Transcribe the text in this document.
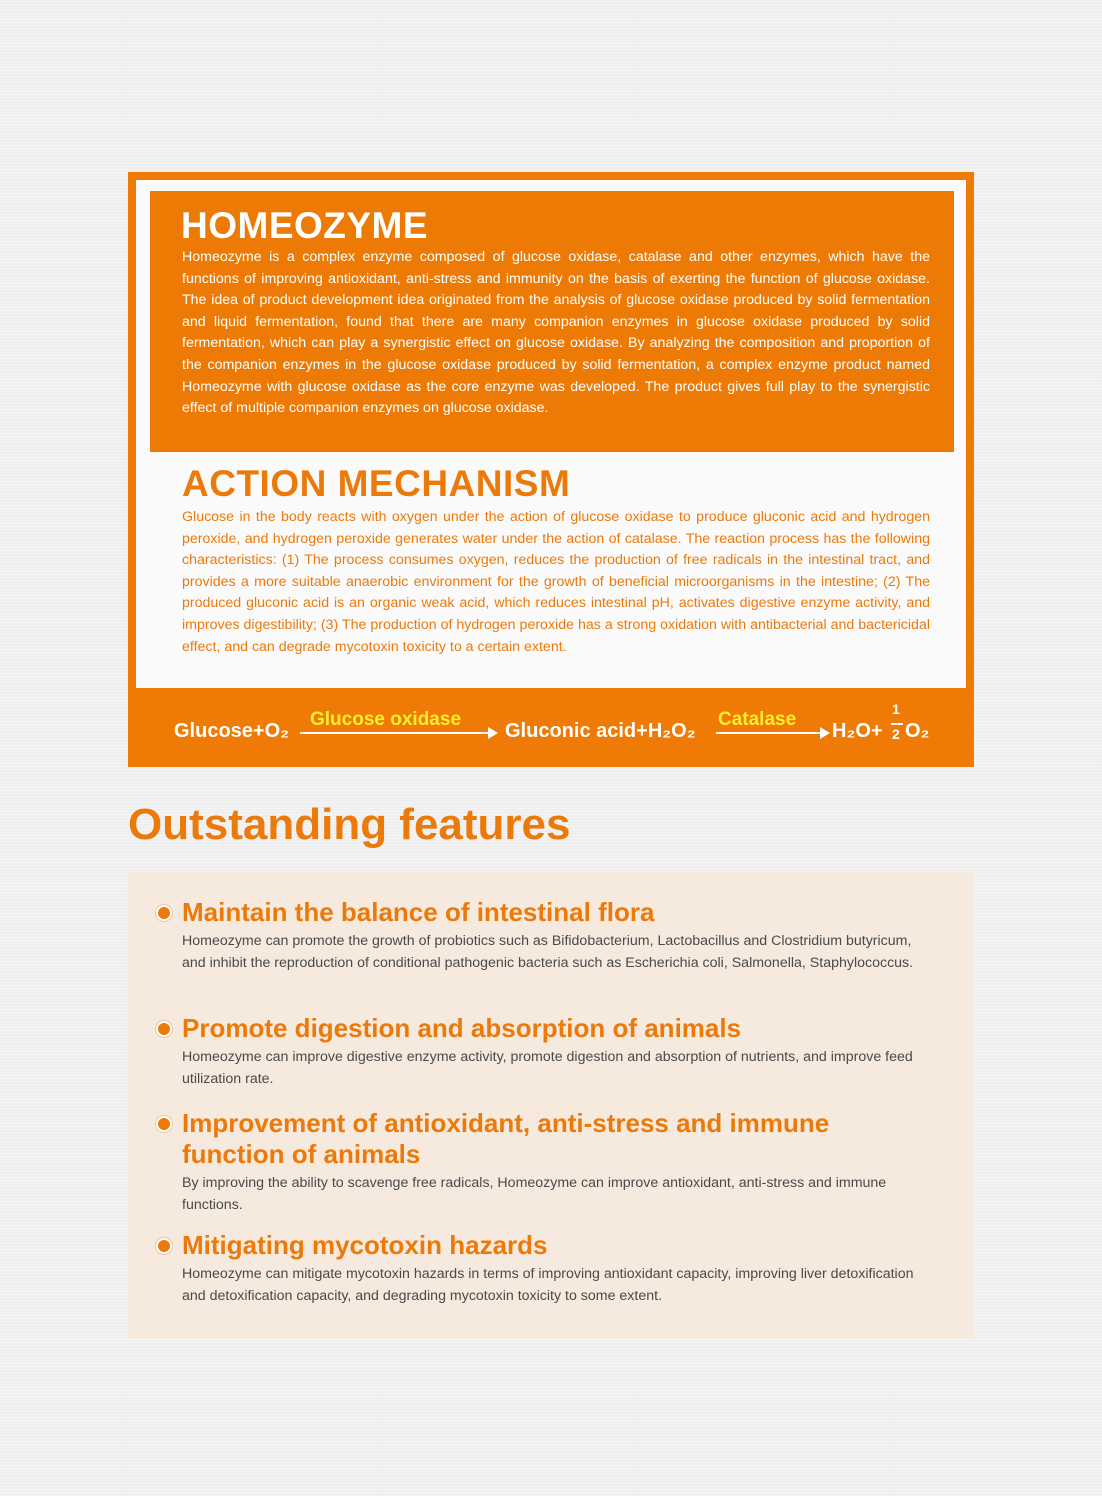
HOMEOZYME

Homeozyme is a complex enzyme composed of glucose oxidase, catalase and other enzymes, which have the functions of improving antioxidant, anti-stress and immunity on the basis of exerting the function of glucose oxidase. The idea of product development idea originated from the analysis of glucose oxidase produced by solid fermentation and liquid fermentation, found that there are many companion enzymes in glucose oxidase produced by solid fermentation, which can play a synergistic effect on glucose oxidase. By analyzing the composition and proportion of the companion enzymes in the glucose oxidase produced by solid fermentation, a complex enzyme product named Homeozyme with glucose oxidase as the core enzyme was developed. The product gives full play to the synergistic effect of multiple companion enzymes on glucose oxidase.

ACTION MECHANISM

Glucose in the body reacts with oxygen under the action of glucose oxidase to produce gluconic acid and hydrogen peroxide, and hydrogen peroxide generates water under the action of catalase. The reaction process has the following characteristics: (1) The process consumes oxygen, reduces the production of free radicals in the intestinal tract, and provides a more suitable anaerobic environment for the growth of beneficial microorganisms in the intestine; (2) The produced gluconic acid is an organic weak acid, which reduces intestinal pH, activates digestive enzyme activity, and improves digestibility; (3) The production of hydrogen peroxide has a strong oxidation with antibacterial and bactericidal effect, and can degrade mycotoxin toxicity to a certain extent.

Glucose+O₂
Glucose oxidase
Gluconic acid+H₂O₂
Catalase
H₂O+
1
2 O₂
Outstanding features
Maintain the balance of intestinal flora

Homeozyme can promote the growth of probiotics such as Bifidobacterium, Lactobacillus and Clostridium butyricum, and inhibit the reproduction of conditional pathogenic bacteria such as Escherichia coli, Salmonella, Staphylococcus.

Promote digestion and absorption of animals

Homeozyme can improve digestive enzyme activity, promote digestion and absorption of nutrients, and improve feed utilization rate.

Improvement of antioxidant, anti-stress and immune function of animals

By improving the ability to scavenge free radicals, Homeozyme can improve antioxidant, anti-stress and immune functions.

Mitigating mycotoxin hazards

Homeozyme can mitigate mycotoxin hazards in terms of improving antioxidant capacity, improving liver detoxification and detoxification capacity, and degrading mycotoxin toxicity to some extent.
